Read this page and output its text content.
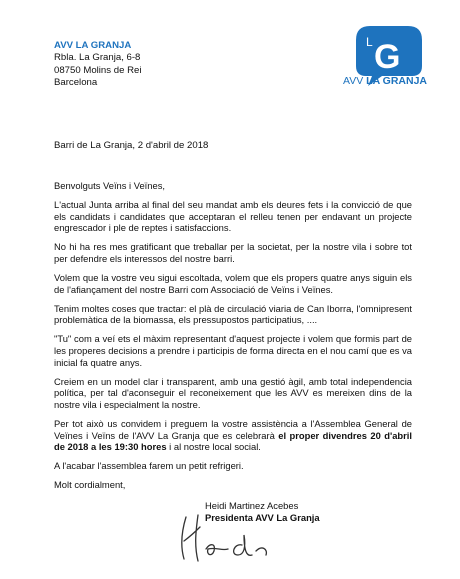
AVV LA GRANJA
Rbla. La Granja, 6-8
08750 Molins de Rei
Barcelona
L G
AVV LA GRANJA
Barri de La Granja, 2 d'abril de 2018

Benvolguts Veïns i Veïnes,

L'actual Junta arriba al final del seu mandat amb els deures fets i la convicció de que els candidats i candidates que acceptaran el relleu tenen per endavant un projecte engrescador i ple de reptes i satisfaccions.

No hi ha res mes gratificant que treballar per la societat, per la nostre vila i sobre tot per defendre els interessos del nostre barri.

Volem que la vostre veu sigui escoltada, volem que els propers quatre anys siguin els de l'afiançament del nostre Barri com Associació de Veïns i Veïnes.

Tenim moltes coses que tractar: el plà de circulació viaria de Can Iborra, l'omnipresent problemàtica de la biomassa, els pressupostos participatius, ....

"Tu" com a veí ets el màxim representant d'aquest projecte i volem que formis part de les properes decisions a prendre i participis de forma directa en el nou camí que es va inicial fa quatre anys.

Creiem en un model clar i transparent, amb una gestió àgil, amb total independencia política, per tal d'aconseguir el reconeixement que les AVV es mereixen dins de la nostre vila i especialment la nostre.

Per tot això us convidem i preguem la vostre assistència a l'Assemblea General de Veïnes i Veïns de l'AVV La Granja que es celebrarà el proper divendres 20 d'abril de 2018 a les 19:30 hores i al nostre local social.

A l'acabar l'assemblea farem un petit refrigeri.

Molt cordialment,

Heidi Martinez Acebes
Presidenta AVV La Granja
